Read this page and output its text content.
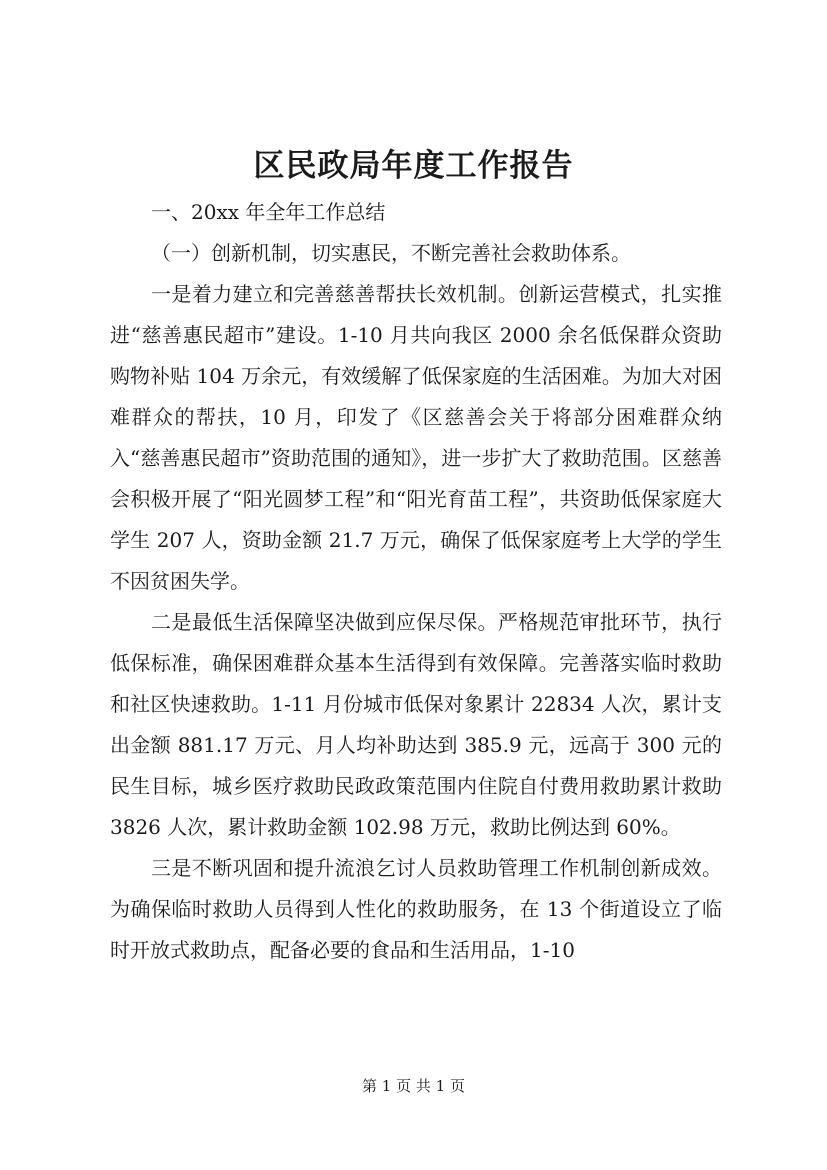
区民政局年度工作报告

一、20xx 年全年工作总结

（一）创新机制，切实惠民，不断完善社会救助体系。

一是着力建立和完善慈善帮扶长效机制。创新运营模式，扎实推进“慈善惠民超市”建设。1-10 月共向我区 2000 余名低保群众资助购物补贴 104 万余元，有效缓解了低保家庭的生活困难。为加大对困难群众的帮扶，10 月，印发了《区慈善会关于将部分困难群众纳入“慈善惠民超市”资助范围的通知》，进一步扩大了救助范围。区慈善会积极开展了“阳光圆梦工程”和“阳光育苗工程”，共资助低保家庭大学生 207 人，资助金额 21.7 万元，确保了低保家庭考上大学的学生不因贫困失学。

二是最低生活保障坚决做到应保尽保。严格规范审批环节，执行低保标准，确保困难群众基本生活得到有效保障。完善落实临时救助和社区快速救助。1-11 月份城市低保对象累计 22834 人次，累计支出金额 881.17 万元、月人均补助达到 385.9 元，远高于 300 元的民生目标，城乡医疗救助民政政策范围内住院自付费用救助累计救助 3826 人次，累计救助金额 102.98 万元，救助比例达到 60%。

三是不断巩固和提升流浪乞讨人员救助管理工作机制创新成效。为确保临时救助人员得到人性化的救助服务，在 13 个街道设立了临时开放式救助点，配备必要的食品和生活用品，1-10

第 1 页 共 1 页
